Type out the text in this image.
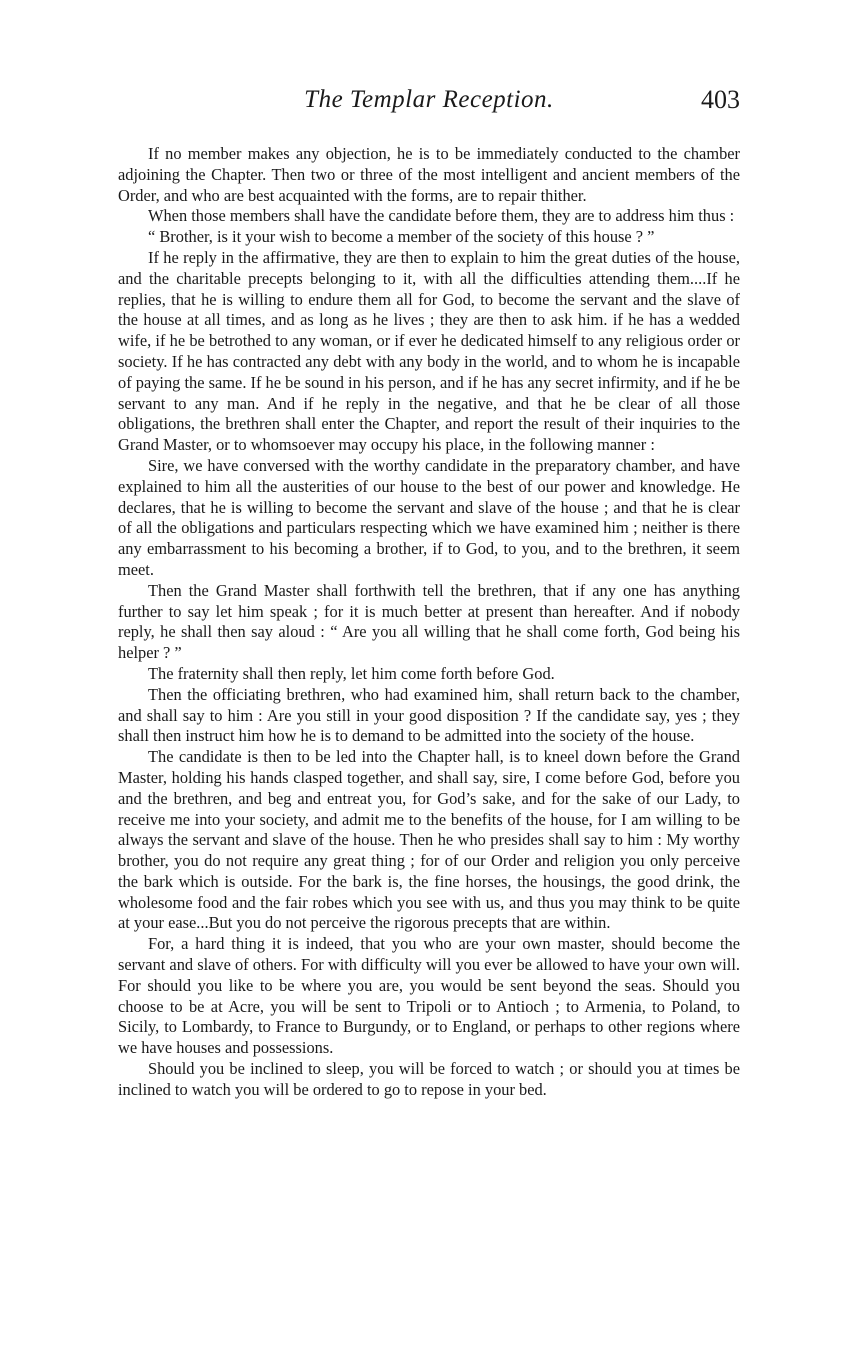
The Templar Reception.	403

If no member makes any objection, he is to be immediately conducted to the chamber adjoining the Chapter. Then two or three of the most intelligent and ancient members of the Order, and who are best acquainted with the forms, are to repair thither.

When those members shall have the candidate before them, they are to address him thus :

“ Brother, is it your wish to become a member of the society of this house ? ”

If he reply in the affirmative, they are then to explain to him the great duties of the house, and the charitable precepts belonging to it, with all the difficulties attending them....If he replies, that he is willing to endure them all for God, to become the servant and the slave of the house at all times, and as long as he lives ; they are then to ask him. if he has a wedded wife, if he be betrothed to any woman, or if ever he dedicated himself to any religious order or society. If he has contracted any debt with any body in the world, and to whom he is incapable of paying the same. If he be sound in his person, and if he has any secret infirmity, and if he be servant to any man. And if he reply in the negative, and that he be clear of all those obligations, the brethren shall enter the Chapter, and report the result of their inquiries to the Grand Master, or to whomsoever may occupy his place, in the following manner :

Sire, we have conversed with the worthy candidate in the preparatory chamber, and have explained to him all the austerities of our house to the best of our power and knowledge. He declares, that he is willing to become the servant and slave of the house ; and that he is clear of all the obligations and particulars respecting which we have examined him ; neither is there any embarrassment to his becoming a brother, if to God, to you, and to the brethren, it seem meet.

Then the Grand Master shall forthwith tell the brethren, that if any one has anything further to say let him speak ; for it is much better at present than hereafter. And if nobody reply, he shall then say aloud : “ Are you all willing that he shall come forth, God being his helper ? ”

The fraternity shall then reply, let him come forth before God.

Then the officiating brethren, who had examined him, shall return back to the chamber, and shall say to him : Are you still in your good disposition ? If the candidate say, yes ; they shall then instruct him how he is to demand to be admitted into the society of the house.

The candidate is then to be led into the Chapter hall, is to kneel down before the Grand Master, holding his hands clasped together, and shall say, sire, I come before God, before you and the brethren, and beg and entreat you, for God’s sake, and for the sake of our Lady, to receive me into your society, and admit me to the benefits of the house, for I am willing to be always the servant and slave of the house. Then he who presides shall say to him : My worthy brother, you do not require any great thing ; for of our Order and religion you only perceive the bark which is outside. For the bark is, the fine horses, the housings, the good drink, the wholesome food and the fair robes which you see with us, and thus you may think to be quite at your ease...But you do not perceive the rigorous precepts that are within.

For, a hard thing it is indeed, that you who are your own master, should become the servant and slave of others. For with difficulty will you ever be allowed to have your own will. For should you like to be where you are, you would be sent beyond the seas. Should you choose to be at Acre, you will be sent to Tripoli or to Antioch ; to Armenia, to Poland, to Sicily, to Lombardy, to France to Burgundy, or to England, or perhaps to other regions where we have houses and possessions.

Should you be inclined to sleep, you will be forced to watch ; or should you at times be inclined to watch you will be ordered to go to repose in your bed.
